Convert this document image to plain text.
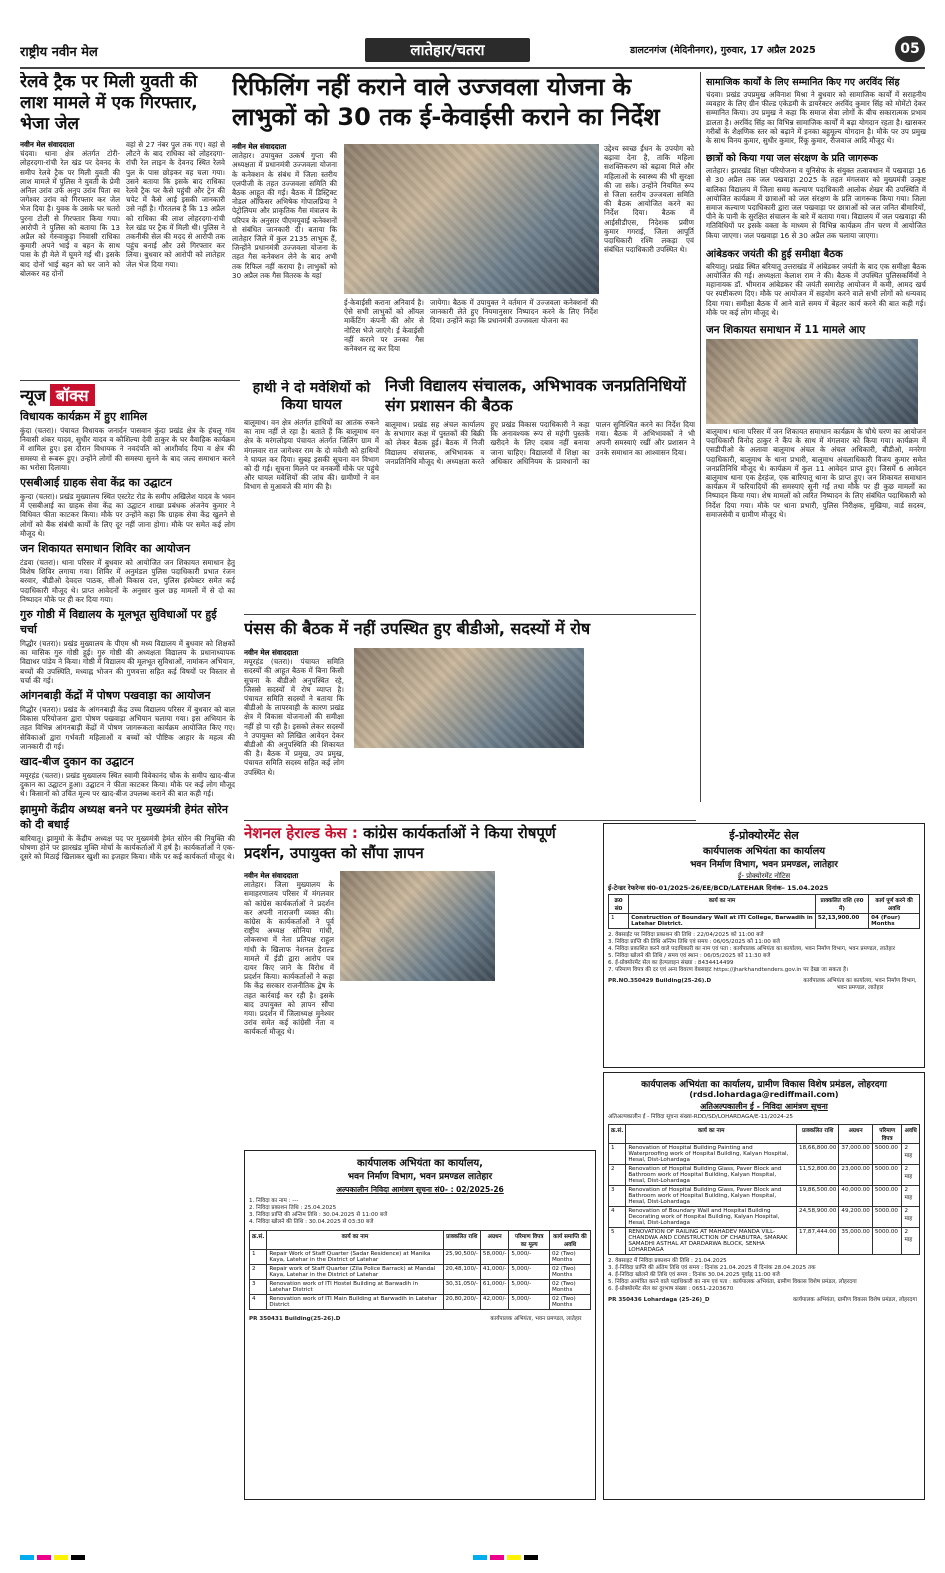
राष्ट्रीय नवीन मेल	लातेहार/चतरा	डालटनगंज (मेदिनीनगर), गुरुवार, 17 अप्रैल 2025	05
रेलवे ट्रैक पर मिली युवती की लाश मामले में एक गिरफ्तार, भेजा जेल
नवीन मेल संवाददाता
चंदवा। थाना क्षेत्र अंतर्गत टोरी-लोहरदगा-रांची रेल खंड पर देवनद के समीप रेलवे ट्रैक पर मिली युवती की लाश मामले में पुलिस ने युवती के प्रेमी अनिल उरांव उर्फ अनुप उरांव पिता स्व जगेश्वर उरांव को गिरफ्तार कर जेल भेज दिया है। युवक के उसके घर चतरो पुरना टोली से गिरफ्तार किया गया। आरोपी ने पुलिस को बताया कि 13 अप्रैल को गेरुवाकुड़ा निवासी राधिका कुमारी अपने भाई व बहन के साथ पास के ही मेले में घूमने गई थी। इसके बाद दोनों भाई बहन को घर जाने को बोलकर वह दोनों
वहां से 27 नंबर पुल तक गए। वहां से लौटने के बाद राधिका को लोहरदगा-रांची रेल लाइन के देवनद स्थित रेलवे पुल के पास छोड़कर वह चला गया। उसने बताया कि इसके बाद राधिका रेलवे ट्रैक पर कैसे पहुंची और ट्रेन की चपेट में कैसे आई इसकी जानकारी उसे नहीं है। गौरतलब है कि 13 अप्रैल को राधिका की लाश लोहरदगा-रांची रेल खंड पर ट्रैक में मिली थी। पुलिस ने तकनीकी सेल की मदद से आरोपी तक पहुंच बनाई और उसे गिरफ्तार कर लिया। बुधवार को आरोपी को लातेहार जेल भेज दिया गया।
रिफिलिंग नहीं कराने वाले उज्जवला योजना के
लाभुकों को 30 तक ई-केवाईसी कराने का निर्देश
नवीन मेल संवाददाता
लातेहार। उपायुक्त उत्कर्ष गुप्ता की अध्यक्षता में प्रधानमंत्री उज्जवला योजना के कनेक्शन के संबंध में जिला स्तरीय एलपीजी के तहत उज्जवला समिति की बैठक आहूत की गई। बैठक में डिस्ट्रिक्ट नोडल ऑफिसर अभिषेक गोपालप्रिया ने पेट्रोलियम और प्राकृतिक गैस मंत्रालय के परिपत्र के अनुसार पीएमयूवाई कनेक्शनों से संबंधित जानकारी दी। बताया कि लातेहार जिले में कुल 2135 लाभुक हैं, जिन्होंने प्रधानमंत्री उज्जवला योजना के तहत गैस कनेक्शन लेने के बाद अभी तक रिफिल नहीं कराया है। लाभुकों को 30 अप्रैल तक गैस वितरक के यहां
ई-केवाईसी कराना अनिवार्य है। ऐसे सभी लाभुकों को ऑयल मार्केटिंग कंपनी की ओर से नोटिस भेजे जाएंगे। ई केवाईसी नहीं कराने पर उनका गैस कनेक्शन रद्द कर दिया
जायेगा। बैठक में उपायुक्त ने वर्तमान में उज्जवला कनेक्शनों की जानकारी लेते हुए नियमानुसार निष्पादन करने के लिए निर्देश दिया। उन्होंने कहा कि प्रधानमंत्री उज्जवला योजना का
उद्देश्य स्वच्छ ईंधन के उपयोग को बढ़ावा देना है, ताकि महिला सशक्तिकरण को बढ़ावा मिले और महिलाओं के स्वास्थ्य की भी सुरक्षा की जा सके। उन्होंने नियमित रूप से जिला स्तरीय उज्जवला समिति की बैठक आयोजित करने का निर्देश दिया। बैठक में आईसीडीएस, निदेशक प्रवीण कुमार गगराई, जिला आपूर्ति पदाधिकारी रश्मि लकड़ा एवं संबंधित पदाधिकारी उपस्थित थे।
सामाजिक कार्यों के लिए सम्मानित किए गए अरविंद सिंह
चंदवा। प्रखंड उपप्रमुख अविनाश मिश्रा ने बुधवार को सामाजिक कार्यों में सराहनीय व्यवहार के लिए ग्रीन फील्ड एकेडमी के डायरेक्टर अरविंद कुमार सिंह को मोमेंटो देकर सम्मानित किया। उप प्रमुख ने कहा कि समाज सेवा लोगों के बीच सकारात्मक प्रभाव डालता है। अरविंद सिंह का विभिन्न सामाजिक कार्यों में बढ़ा योगदान रहता है। खासकर गरीबों के शैक्षणिक स्तर को बढ़ाने में इनका बहुमूल्य योगदान है। मौके पर उप प्रमुख के साथ विनय कुमार, सुधीर कुमार, रिंकू कुमार, रीजवाज आदि मौजूद थे।
छात्रों को किया गया जल संरक्षण के प्रति जागरूक
लातेहार। झारखंड शिक्षा परियोजना व यूनिसेफ के संयुक्त तत्वावधान में पखवाड़ा 16 से 30 अप्रैल तक जल पखवाड़ा 2025 के तहत मंगलवार को मुख्यमंत्री उत्कृष्ट बालिका विद्यालय में जिला समग्र कल्याण पदाधिकारी आलोक शेखर की उपस्थिति में आयोजित कार्यक्रम में छात्राओं को जल संरक्षण के प्रति जागरूक किया गया। जिला समाज कल्याण पदाधिकारी द्वारा जल पखवाड़ा पर छात्राओं को जल जनित बीमारियों, पीने के पानी के सुरक्षित संचालन के बारे में बताया गया। विद्यालय में जल पखवाड़ा की गतिविधियों पर इसके वक्ता के माध्यम से विभिन्न कार्यक्रम तीन चरण में आयोजित किया जाएगा। जल पखवाड़ा 16 से 30 अप्रैल तक चलाया जाएगा।
आंबेडकर जयंती की हुई समीक्षा बैठक
बरियातू। प्रखंड स्थित बरियातू उत्तराखंड में आंबेडकर जयंती के बाद एक समीक्षा बैठक आयोजित की गई। अध्यक्षता केलाश राम ने की। बैठक में उपस्थित पुलिसकर्मियों ने महानायक डॉ. भीमराव आंबेडकर की जयंती समारोह आयोजन में कमी, आमद खर्च पर स्पष्टीकरण दिए। मौके पर आयोजन में सहयोग करने वाले सभी लोगों को धन्यवाद दिया गया। समीक्षा बैठक में आने वाले समय में बेहतर कार्य करने की बात कही गई। मौके पर कई लोग मौजूद थे।
जन शिकायत समाधान में 11 मामले आए
बालूमाथ। थाना परिसर में जन शिकायत समाधान कार्यक्रम के चौथे चरण का आयोजन पदाधिकारी विनोद ठाकुर ने कैंप के साथ में मंगलवार को किया गया। कार्यक्रम में एसडीपीओ के अलावा बालूमाथ अंचल के अंचल अधिकारी, बीडीओ, मनरेगा पदाधिकारी, बालूमाथ के थाना प्रभारी, बालूमाथ अंचलाधिकारी विजय कुमार समेत जनप्रतिनिधि मौजूद थे। कार्यक्रम में कुल 11 आवेदन प्राप्त हुए। जिसमें 6 आवेदन बालूमाथ थाना एक हेरहंज, एक बारियातू थाना के प्राप्त हुए। जन शिकायत समाधान कार्यक्रम में फरियादियों की समस्याएं सुनी गईं तथा मौके पर ही कुछ मामलों का निष्पादन किया गया। शेष मामलों को त्वरित निष्पादन के लिए संबंधित पदाधिकारी को निर्देश दिया गया। मौके पर थाना प्रभारी, पुलिस निरीक्षक, मुखिया, वार्ड सदस्य, समाजसेवी व ग्रामीण मौजूद थे।
न्यूज बॉक्स
विधायक कार्यक्रम में हुए शामिल
कुंदा (चतरा)। पंचायत विधायक जनार्दन पासवान कुंदा प्रखंड क्षेत्र के हंचलू गांव निवासी शंकर यादव, सुधीर यादव व कौशिल्या देवी ठाकुर के घर वैवाहिक कार्यक्रम में शामिल हुए। इस दौरान विधायक ने नवदंपति को आशीर्वाद दिया व क्षेत्र की समस्या से रूबरू हुए। उन्होंने लोगों की समस्या सुनने के बाद जल्द समाधान करने का भरोसा दिलाया।
एसबीआई ग्राहक सेवा केंद्र का उद्घाटन
कुन्दा (चतरा)। प्रखंड मुख्यालय स्थित एस्टरेट रोड के समीप अखिलेश यादव के भवन में एसबीआई का ग्राहक सेवा केंद्र का उद्घाटन शाखा प्रबंधक अंजनेय कुमार ने विधिवत फीता काटकर किया। मौके पर उन्होंने कहा कि ग्राहक सेवा केंद्र खुलने से लोगों को बैंक संबंधी कार्यों के लिए दूर नहीं जाना होगा। मौके पर समेत कई लोग मौजूद थे।
जन शिकायत समाधान शिविर का आयोजन
टंडवा (चतरा)। थाना परिसर में बुधवार को आयोजित जन शिकायत समाधान हेतु विशेष शिविर लगाया गया। शिविर में अनुमंडल पुलिस पदाधिकारी प्रभात रंजन बरवार, बीडीओ देवदत्त पाठक, सीओ विकास दत्त, पुलिस इंस्पेक्टर समेत कई पदाधिकारी मौजूद थे। प्राप्त आवेदनों के अनुसार कुल छह मामलों में से दो का निष्पादन मौके पर ही कर दिया गया।
गुरु गोष्ठी में विद्यालय के मूलभूत सुविधाओं पर हुई चर्चा
गिद्धौर (चतरा)। प्रखंड मुख्यालय के पीएम श्री मध्य विद्यालय में बुधवार को शिक्षकों का मासिक गुरु गोष्ठी हुई। गुरु गोष्ठी की अध्यक्षता विद्यालय के प्रधानाध्यापक विद्याधर पांडेय ने किया। गोष्ठी में विद्यालय की मूलभूत सुविधाओं, नामांकन अभियान, बच्चों की उपस्थिति, मध्याह्न भोजन की गुणवत्ता सहित कई विषयों पर विस्तार से चर्चा की गई।
आंगनबाड़ी केंद्रों में पोषण पखवाड़ा का आयोजन
गिद्धौर (चतरा)। प्रखंड के आंगनबाड़ी केंद्र उच्च विद्यालय परिसर में बुधवार को बाल विकास परियोजना द्वारा पोषण पखवाड़ा अभियान चलाया गया। इस अभियान के तहत विभिन्न आंगनबाड़ी केंद्रों में पोषण जागरूकता कार्यक्रम आयोजित किए गए। सेविकाओं द्वारा गर्भवती महिलाओं व बच्चों को पौष्टिक आहार के महत्व की जानकारी दी गई।
खाद-बीज दुकान का उद्घाटन
मयूरहंड (चतरा)। प्रखंड मुख्यालय स्थित स्वामी विवेकानंद चौक के समीप खाद-बीज दुकान का उद्घाटन हुआ। उद्घाटन ने फीता काटकर किया। मौके पर कई लोग मौजूद थे। किसानों को उचित मूल्य पर खाद-बीज उपलब्ध कराने की बात कही गई।
झामुमो केंद्रीय अध्यक्ष बनने पर मुख्यमंत्री हेमंत सोरेन को दी बधाई
बारियातू। झामुमो के केंद्रीय अध्यक्ष पद पर मुख्यमंत्री हेमंत सोरेन की नियुक्ति की घोषणा होने पर झारखंड मुक्ति मोर्चा के कार्यकर्ताओं में हर्ष है। कार्यकर्ताओं ने एक-दूसरे को मिठाई खिलाकर खुशी का इजहार किया। मौके पर कई कार्यकर्ता मौजूद थे।
हाथी ने दो मवेशियों को किया घायल
बालूमाथ। वन क्षेत्र अंतर्गत हाथियों का आतंक रुकने का नाम नहीं ले रहा है। बताते हैं कि बालूमाथ वन क्षेत्र के मरंगलोइया पंचायत अंतर्गत जिलिंग ग्राम में मंगलवार रात जागेश्वर राम के दो मवेशी को हाथियों ने घायल कर दिया। सुबह इसकी सूचना वन विभाग को दी गई। सूचना मिलने पर वनकर्मी मौके पर पहुंचे और घायल मवेशियों की जांच की। ग्रामीणों ने वन विभाग से मुआवजे की मांग की है।
निजी विद्यालय संचालक, अभिभावक जनप्रतिनिधियों संग प्रशासन की बैठक
बालूमाथ। प्रखंड सह अंचल कार्यालय के सभागार कक्ष में पुस्तकों की बिक्री को लेकर बैठक हुई। बैठक में निजी विद्यालय संचालक, अभिभावक व जनप्रतिनिधि मौजूद थे। अध्यक्षता करते हुए प्रखंड विकास पदाधिकारी ने कहा कि अनावश्यक रूप से महंगी पुस्तकें खरीदने के लिए दबाव नहीं बनाया जाना चाहिए। विद्यालयों में शिक्षा का अधिकार अधिनियम के प्रावधानों का पालन सुनिश्चित करने का निर्देश दिया गया। बैठक में अभिभावकों ने भी अपनी समस्याएं रखीं और प्रशासन ने उनके समाधान का आश्वासन दिया।
पंसस की बैठक में नहीं उपस्थित हुए बीडीओ, सदस्यों में रोष
नवीन मेल संवाददाता
मयूरहंड (चतरा)। पंचायत समिति सदस्यों की आहूत बैठक में बिना किसी सूचना के बीडीओ अनुपस्थित रहे, जिससे सदस्यों में रोष व्याप्त है। पंचायत समिति सदस्यों ने बताया कि बीडीओ के लापरवाही के कारण प्रखंड क्षेत्र में विकास योजनाओं की समीक्षा नहीं हो पा रही है। इसको लेकर सदस्यों ने उपायुक्त को लिखित आवेदन देकर बीडीओ की अनुपस्थिति की शिकायत की है। बैठक में प्रमुख, उप प्रमुख, पंचायत समिति सदस्य सहित कई लोग उपस्थित थे।
नेशनल हेराल्ड केस : कांग्रेस कार्यकर्ताओं ने किया रोषपूर्ण प्रदर्शन, उपायुक्त को सौंपा ज्ञापन
नवीन मेल संवाददाता
लातेहार। जिला मुख्यालय के समाहरणालय परिसर में मंगलवार को कांग्रेस कार्यकर्ताओं ने प्रदर्शन कर अपनी नाराजगी व्यक्त की। कांग्रेस के कार्यकर्ताओं ने पूर्व राष्ट्रीय अध्यक्ष सोनिया गांधी, लोकसभा में नेता प्रतिपक्ष राहुल गांधी के खिलाफ नेशनल हेराल्ड मामले में ईडी द्वारा आरोप पत्र दायर किए जाने के विरोध में प्रदर्शन किया। कार्यकर्ताओं ने कहा कि केंद्र सरकार राजनीतिक द्वेष के तहत कार्रवाई कर रही है। इसके बाद उपायुक्त को ज्ञापन सौंपा गया। प्रदर्शन में जिलाध्यक्ष मुनेश्वर उरांव समेत कई कांग्रेसी नेता व कार्यकर्ता मौजूद थे।
ई-प्रोक्योरमेंट सेल
कार्यपालक अभियंता का कार्यालय
भवन निर्माण विभाग, भवन प्रमण्डल, लातेहार
ई- प्रोक्योरमेंट नोटिस
ई-टेन्डर रेफरेन्स सं0-01/2025-26/EE/BCD/LATEHAR दिनांक– 15.04.2025
क्र0 सं0	कार्य का नाम	प्राक्कलित राशि (रु0 में)	कार्य पूर्ण करने की अवधि
1	Construction of Boundary Wall at ITI College, Barwadih in Latehar District.	52,13,900.00	04 (Four) Months
2. वेबसाईट पर निविदा प्रकाशन की तिथि : 22/04/2025 को 11:00 बजे
3. निविदा प्राप्ति की तिथि अन्तिम तिथि एवं समय : 06/05/2025 को 11:00 बजे
4. निविदा प्रकाशित करने वाले पदाधिकारी का नाम एवं पता : कार्यपालक अभियंता का कार्यालय, भवन निर्माण विभाग, भवन प्रमण्डल, लातेहार
5. निविदा खोलने की तिथि / समय एवं स्थान : 06/05/2025 को 11:30 बजे
6. ई-प्रोक्योरमेंट सेल का हेल्पलाइन संख्या : 8434414499
7. परिमाण विपत्र की दर एवं अन्य विवरण वेबसाइट https://jharkhandtenders.gov.in पर देखा जा सकता है।
PR.NO.350429 Building(25-26).D	कार्यपालक अभियंता का कार्यालय, भवन निर्माण विभाग, भवन प्रमण्डल, लातेहार
कार्यपालक अभियंता का कार्यालय,
भवन निर्माण विभाग, भवन प्रमण्डल लातेहार
अल्पकालीन निविदा आमंत्रण सूचना सं0- : 02/2025-26
1. निविदा का नाम : ---
2. निविदा प्रकाशन तिथि : 25.04.2025
3. निविदा प्राप्ति की अन्तिम तिथि : 30.04.2025 से 11:00 बजे
4. निविदा खोलने की तिथि : 30.04.2025 से 03:30 बजे
क्र.सं.	कार्य का नाम	प्राक्कलित राशि	अग्रधन	परिमाण विपत्र का मूल्य	कार्य समाप्ति की अवधि
1	Repair Work of Staff Quarter (Sadar Residence) at Manika Kaya, Latehar in the District of Latehar	25,90,500/-	58,000/-	5,000/-	02 (Two) Months
2	Repair work of Staff Quarter (Zila Police Barrack) at Mandal Kaya, Latehar in the District of Latehar	20,48,100/-	41,000/-	5,000/-	02 (Two) Months
3	Renovation work of ITI Hostel Building at Barwadih in Latehar District	30,31,050/-	61,000/-	5,000/-	02 (Two) Months
4	Renovation work of ITI Main Building at Barwadih in Latehar District	20,80,200/-	42,000/-	5,000/-	02 (Two) Months
PR 350431 Building(25-26).D	कार्यपालक अभियंता, भवन प्रमण्डल, लातेहार
कार्यपालक अभियंता का कार्यालय, ग्रामीण विकास विशेष प्रमंडल, लोहरदगा
(rdsd.lohardaga@rediffmail.com)
अतिअल्पकालीन ई - निविदा आमंत्रण सूचना
अतिअल्पकालीन ई - निविदा सूचना संख्या-RDD/SD/LOHARDAGA/E-11/2024-25
क्र.सं.	कार्य का नाम	प्राक्कलित राशि	अग्रधन	परिमाण विपत्र	अवधि
1	Renovation of Hospital Building Painting and Waterproofing work of Hospital Building, Kalyan Hospital, Hesal, Dist-Lohardaga	18,66,800.00	37,000.00	5000.00	2 माह
2	Renovation of Hospital Building Glass, Paver Block and Bathroom work of Hospital Building, Kalyan Hospital, Hesal, Dist-Lohardaga	11,52,800.00	23,000.00	5000.00	2 माह
3	Renovation of Hospital Building Glass, Paver Block and Bathroom work of Hospital Building, Kalyan Hospital, Hesal, Dist-Lohardaga	19,86,500.00	40,000.00	5000.00	2 माह
4	Renovation of Boundary Wall and Hospital Building Decorating work of Hospital Building, Kalyan Hospital, Hesal, Dist-Lohardaga	24,58,900.00	49,200.00	5000.00	2 माह
5	RENOVATION OF RAILING AT MAHADEV MANDA VILL- CHANDWA AND CONSTRUCTION OF CHABUTRA, SMARAK SAMADHI ASTHAL AT DARDARWA BLOCK, SENHA LOHARDAGA	17,87,444.00	35,000.00	5000.00	2 माह
2. वेबसाइट में निविदा प्रकाशन की तिथि : 21.04.2025
3. ई-निविदा प्राप्ति की अंतिम तिथि एवं समय : दिनांक 21.04.2025 से दिनांक 28.04.2025 तक
4. ई-निविदा खोलने की तिथि एवं समय : दिनांक 30.04.2025 पूर्वाह्न 11:00 बजे
5. निविदा आमंत्रित करने वाले पदाधिकारी का नाम एवं पता : कार्यपालक अभियंता, ग्रामीण विकास विशेष प्रमंडल, लोहरदगा
6. ई-प्रोक्योरमेंट सेल का दूरभाष संख्या : 0651-2203670
PR 350436 Lohardaga (25-26)_D	कार्यपालक अभियंता, ग्रामीण विकास विशेष प्रमंडल, लोहरदगा
